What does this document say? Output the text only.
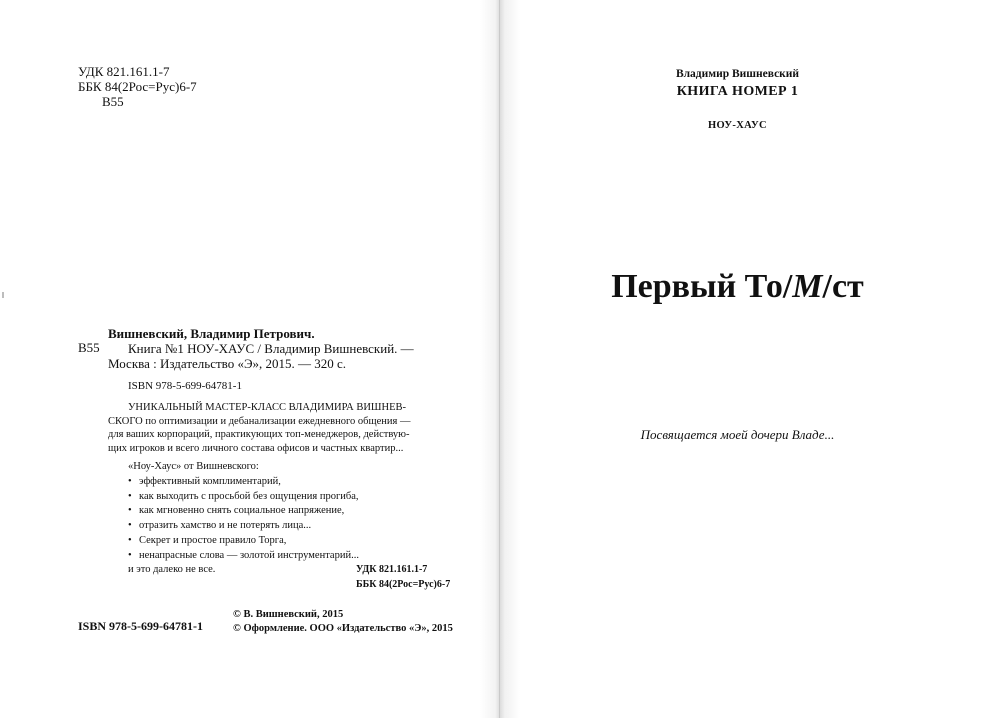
УДК 821.161.1-7
ББК 84(2Рос=Рус)6-7
В55
В55
Вишневский, Владимир Петрович.
Книга №1 НОУ-ХАУС / Владимир Вишневский. —
Москва : Издательство «Э», 2015. — 320 с.
ISBN 978-5-699-64781-1
УНИКАЛЬНЫЙ МАСТЕР-КЛАСС ВЛАДИМИРА ВИШНЕВ-
СКОГО по оптимизации и дебанализации ежедневного общения —
для ваших корпораций, практикующих топ-менеджеров, действую-
щих игроков и всего личного состава офисов и частных квартир...
«Ноу-Хаус» от Вишневского:
• эффективный комплиментарий,
• как выходить с просьбой без ощущения прогиба,
• как мгновенно снять социальное напряжение,
• отразить хамство и не потерять лица...
• Секрет и простое правило Торга,
• ненапрасные слова — золотой инструментарий...
и это далеко не все.	УДК 821.161.1-7
ББК 84(2Рос=Рус)6-7
ISBN 978-5-699-64781-1
© В. Вишневский, 2015
© Оформление. ООО «Издательство «Э», 2015
Владимир Вишневский
КНИГА НОМЕР 1
НОУ-ХАУС
Первый То/М/ст
Посвящается моей дочери Владе...
